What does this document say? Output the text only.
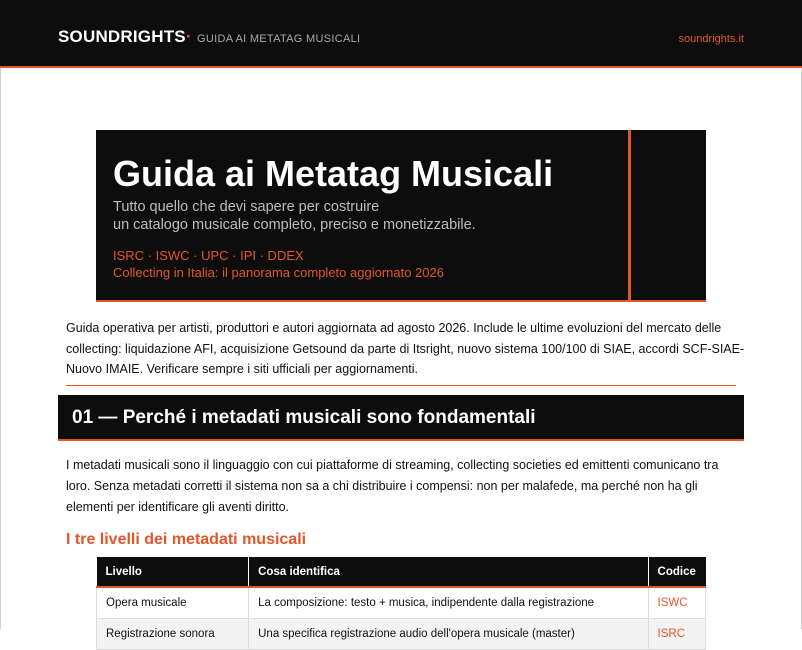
SOUNDRIGHTS· GUIDA AI METATAG MUSICALI	soundrights.it
Guida ai Metatag Musicali
Tutto quello che devi sapere per costruire
un catalogo musicale completo, preciso e monetizzabile.
ISRC · ISWC · UPC · IPI · DDEX
Collecting in Italia: il panorama completo aggiornato 2026
Guida operativa per artisti, produttori e autori aggiornata ad agosto 2026. Include le ultime evoluzioni del mercato delle collecting: liquidazione AFI, acquisizione Getsound da parte di Itsright, nuovo sistema 100/100 di SIAE, accordi SCF-SIAE-Nuovo IMAIE. Verificare sempre i siti ufficiali per aggiornamenti.
01 — Perché i metadati musicali sono fondamentali
I metadati musicali sono il linguaggio con cui piattaforme di streaming, collecting societies ed emittenti comunicano tra loro. Senza metadati corretti il sistema non sa a chi distribuire i compensi: non per malafede, ma perché non ha gli elementi per identificare gli aventi diritto.
I tre livelli dei metadati musicali
Livello	Cosa identifica	Codice
Opera musicale	La composizione: testo + musica, indipendente dalla registrazione	ISWC
Registrazione sonora	Una specifica registrazione audio dell'opera musicale (master)	ISRC
